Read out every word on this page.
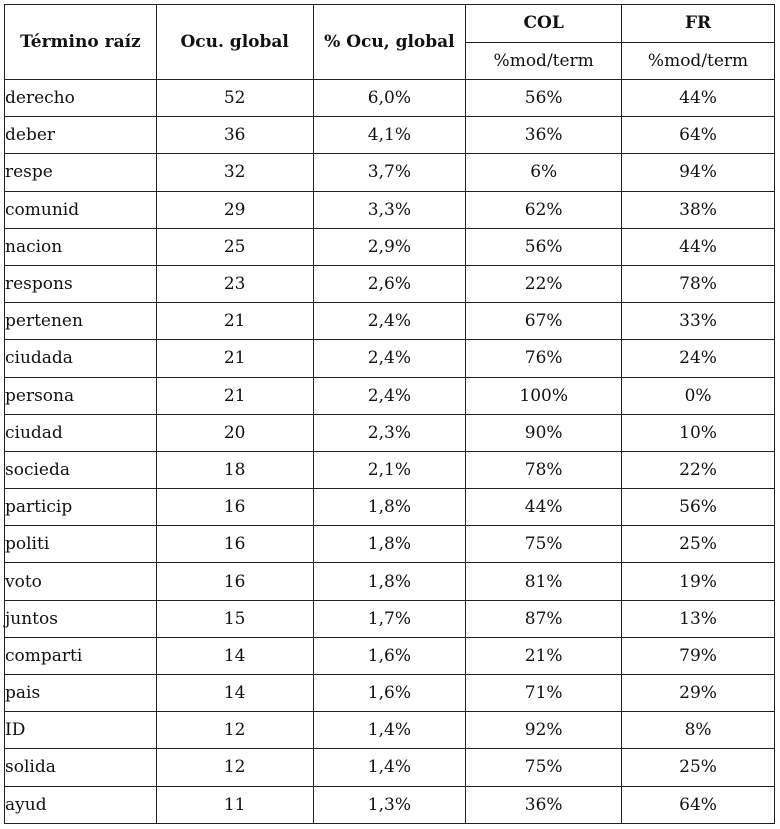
Término raíz	Ocu. global	% Ocu, global	COL	FR
			%mod/term	%mod/term
derecho	52	6,0%	56%	44%
deber	36	4,1%	36%	64%
respe	32	3,7%	6%	94%
comunid	29	3,3%	62%	38%
nacion	25	2,9%	56%	44%
respons	23	2,6%	22%	78%
pertenen	21	2,4%	67%	33%
ciudada	21	2,4%	76%	24%
persona	21	2,4%	100%	0%
ciudad	20	2,3%	90%	10%
socieda	18	2,1%	78%	22%
particip	16	1,8%	44%	56%
politi	16	1,8%	75%	25%
voto	16	1,8%	81%	19%
juntos	15	1,7%	87%	13%
comparti	14	1,6%	21%	79%
pais	14	1,6%	71%	29%
ID	12	1,4%	92%	8%
solida	12	1,4%	75%	25%
ayud	11	1,3%	36%	64%
